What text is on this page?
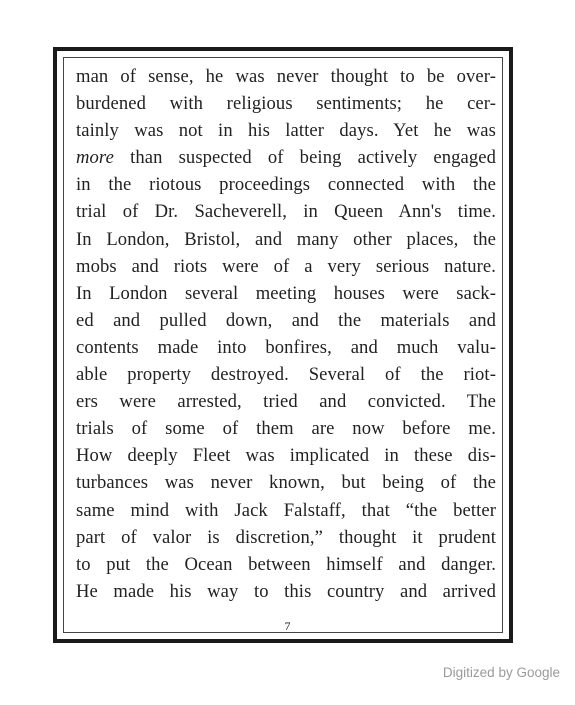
man of sense, he was never thought to be over-
burdened with religious sentiments; he cer-
tainly was not in his latter days. Yet he was
more than suspected of being actively engaged
in the riotous proceedings connected with the
trial of Dr. Sacheverell, in Queen Ann's time.
In London, Bristol, and many other places, the
mobs and riots were of a very serious nature.
In London several meeting houses were sack-
ed and pulled down, and the materials and
contents made into bonfires, and much valu-
able property destroyed. Several of the riot-
ers were arrested, tried and convicted. The
trials of some of them are now before me.
How deeply Fleet was implicated in these dis-
turbances was never known, but being of the
same mind with Jack Falstaff, that “the better
part of valor is discretion,” thought it prudent
to put the Ocean between himself and danger.
He made his way to this country and arrived
7
Digitized by Google
